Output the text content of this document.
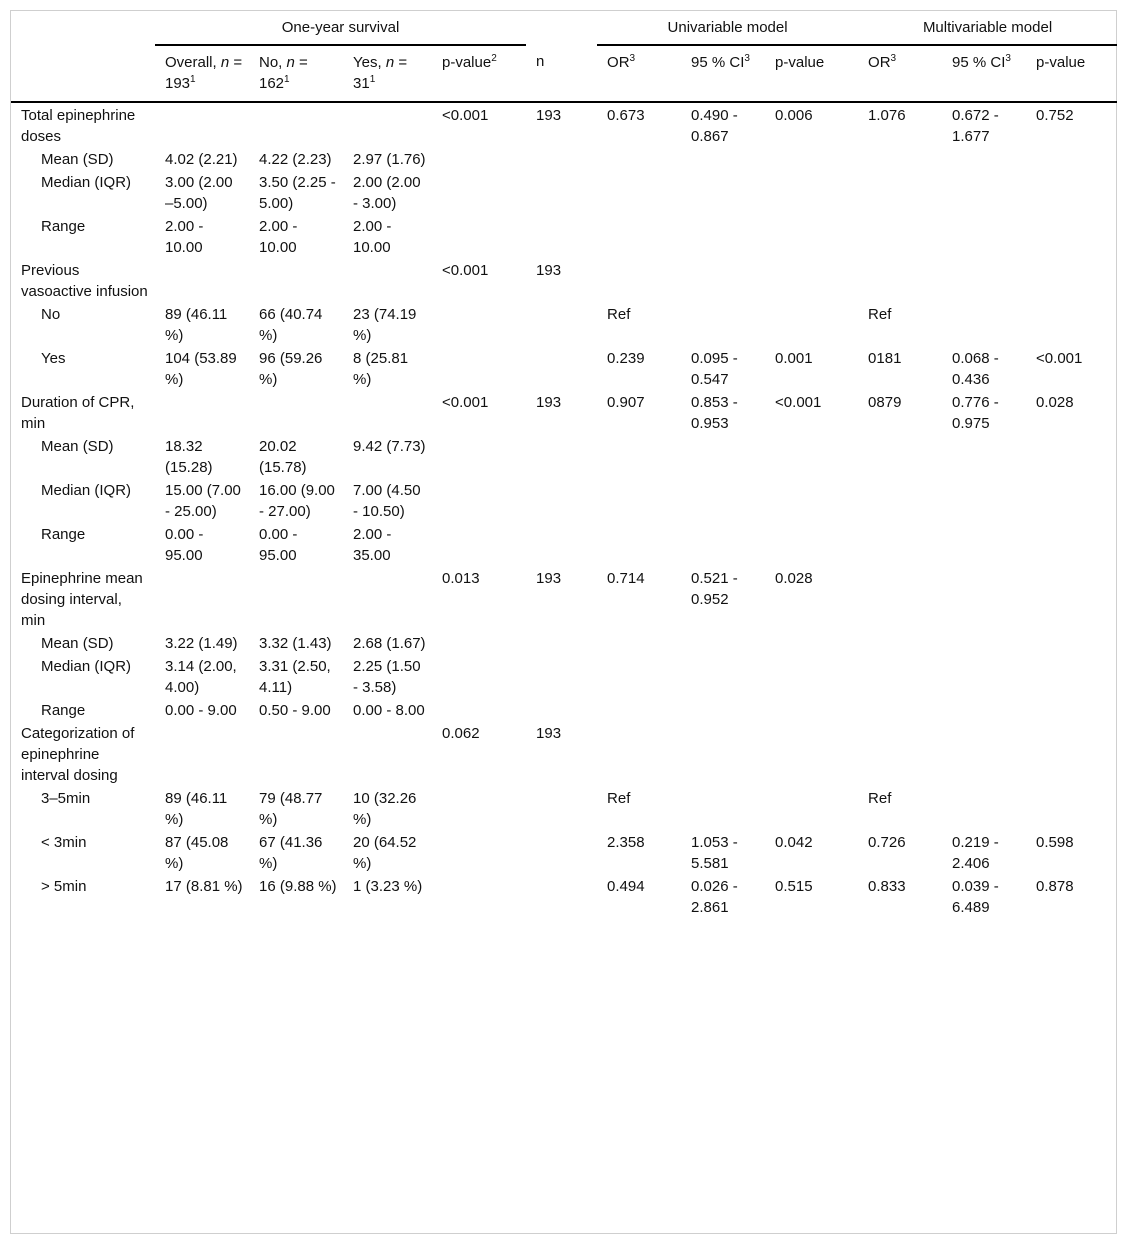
	One-year survival					Univariable model			Multivariable model		
	Overall, $n = 193^1$	No, $n = 162^1$	Yes, $n = 31^1$	p-value$^2$	n	$OR^3$	95 % $CI^3$	p-value	$OR^3$	95 % $CI^3$	p-value
Total epinephrine doses				<0.001	193	0.673	0.490 - 0.867	0.006	1.076	0.672 - 1.677	0.752
Mean (SD)	4.02 (2.21)	4.22 (2.23)	2.97 (1.76)								
Median (IQR)	3.00 (2.00 –5.00)	3.50 (2.25 - 5.00)	2.00 (2.00 - 3.00)								
Range	2.00 - 10.00	2.00 - 10.00	2.00 - 10.00								
Previous vasoactive infusion				<0.001	193						
No	89 (46.11 %)	66 (40.74 %)	23 (74.19 %)			Ref			Ref		
Yes	104 (53.89 %)	96 (59.26 %)	8 (25.81 %)			0.239	0.095 - 0.547	0.001	0181	0.068 - 0.436	<0.001
Duration of CPR, min				<0.001	193	0.907	0.853 - 0.953	<0.001	0879	0.776 - 0.975	0.028
Mean (SD)	18.32 (15.28)	20.02 (15.78)	9.42 (7.73)								
Median (IQR)	15.00 (7.00 - 25.00)	16.00 (9.00 - 27.00)	7.00 (4.50 - 10.50)								
Range	0.00 - 95.00	0.00 - 95.00	2.00 - 35.00								
Epinephrine mean dosing interval, min				0.013	193	0.714	0.521 - 0.952	0.028			
Mean (SD)	3.22 (1.49)	3.32 (1.43)	2.68 (1.67)								
Median (IQR)	3.14 (2.00, 4.00)	3.31 (2.50, 4.11)	2.25 (1.50 - 3.58)								
Range	0.00 - 9.00	0.50 - 9.00	0.00 - 8.00								
Categorization of epinephrine interval dosing				0.062	193						
3–5min	89 (46.11 %)	79 (48.77 %)	10 (32.26 %)			Ref			Ref		
< 3min	87 (45.08 %)	67 (41.36 %)	20 (64.52 %)			2.358	1.053 - 5.581	0.042	0.726	0.219 - 2.406	0.598
> 5min	17 (8.81 %)	16 (9.88 %)	1 (3.23 %)			0.494	0.026 - 2.861	0.515	0.833	0.039 - 6.489	0.878
